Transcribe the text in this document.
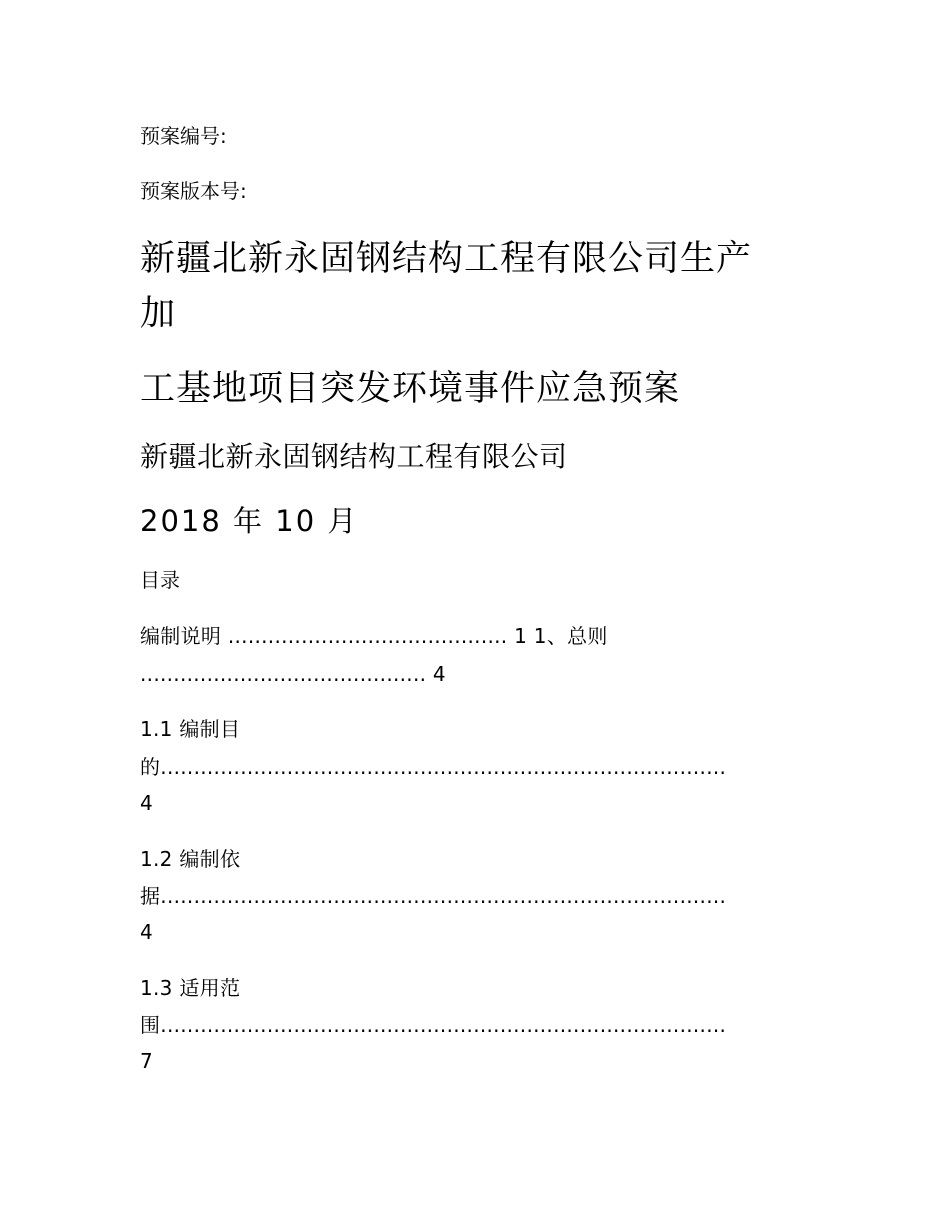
预案编号:
预案版本号:
新疆北新永固钢结构工程有限公司生产
加
工基地项目突发环境事件应急预案
新疆北新永固钢结构工程有限公司
2018 年 10 月
目录
编制说明 .......................................... 1 1、总则
........................................... 4
1.1 编制目
的.....................................................................................
4
1.2 编制依
据.....................................................................................
4
1.3 适用范
围.....................................................................................
7
